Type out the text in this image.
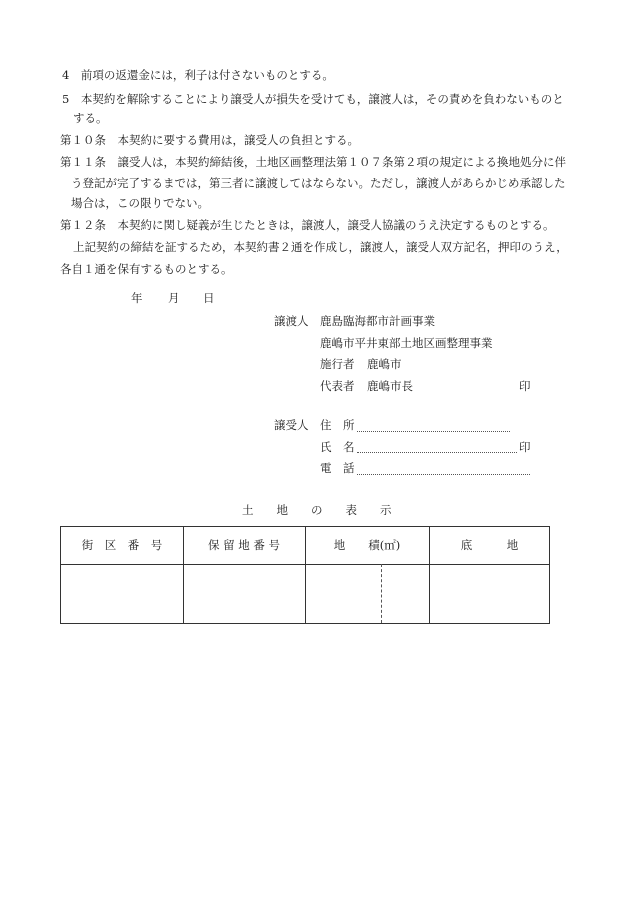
4　前項の返還金には，利子は付さないものとする。
5　本契約を解除することにより譲受人が損失を受けても，譲渡人は，その責めを負わないものと
する。
第１０条　本契約に要する費用は，譲受人の負担とする。
第１１条　譲受人は，本契約締結後，土地区画整理法第１０７条第２項の規定による換地処分に伴
う登記が完了するまでは，第三者に譲渡してはならない。ただし，譲渡人があらかじめ承認した
場合は，この限りでない。
第１２条　本契約に関し疑義が生じたときは，譲渡人，譲受人協議のうえ決定するものとする。
上記契約の締結を証するため，本契約書２通を作成し，譲渡人，譲受人双方記名，押印のうえ，
各自１通を保有するものとする。
年 月 日
譲渡人 鹿島臨海都市計画事業
鹿嶋市平井東部土地区画整理事業
施行者 鹿嶋市
代表者 鹿嶋市長	印
譲受人 住　所
氏　名	印
電　話
土　　地　　の　　表　　示
街　区　番　号	保 留 地 番 号	地　　積(㎡)	底　　　地
